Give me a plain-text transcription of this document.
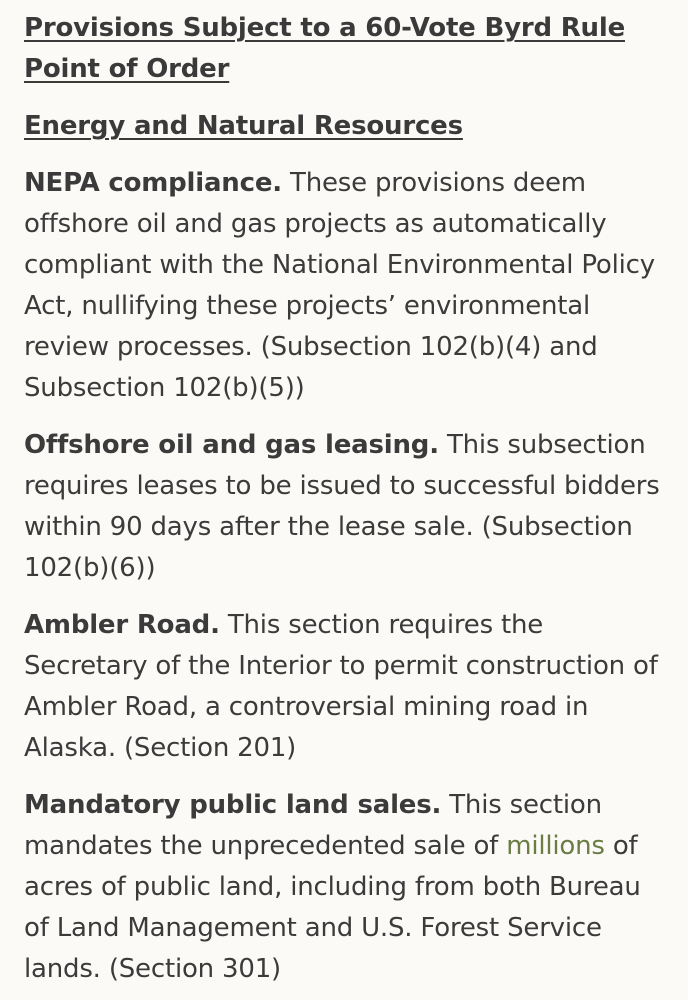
Provisions Subject to a 60-Vote Byrd Rule Point of Order
Energy and Natural Resources

NEPA compliance. These provisions deem offshore oil and gas projects as automatically compliant with the National Environmental Policy Act, nullifying these projects’ environmental review processes. (Subsection 102(b)(4) and Subsection 102(b)(5))

Offshore oil and gas leasing. This subsection requires leases to be issued to successful bidders within 90 days after the lease sale. (Subsection 102(b)(6))

Ambler Road. This section requires the Secretary of the Interior to permit construction of Ambler Road, a controversial mining road in Alaska. (Section 201)

Mandatory public land sales. This section mandates the unprecedented sale of millions of acres of public land, including from both Bureau of Land Management and U.S. Forest Service lands. (Section 301)
